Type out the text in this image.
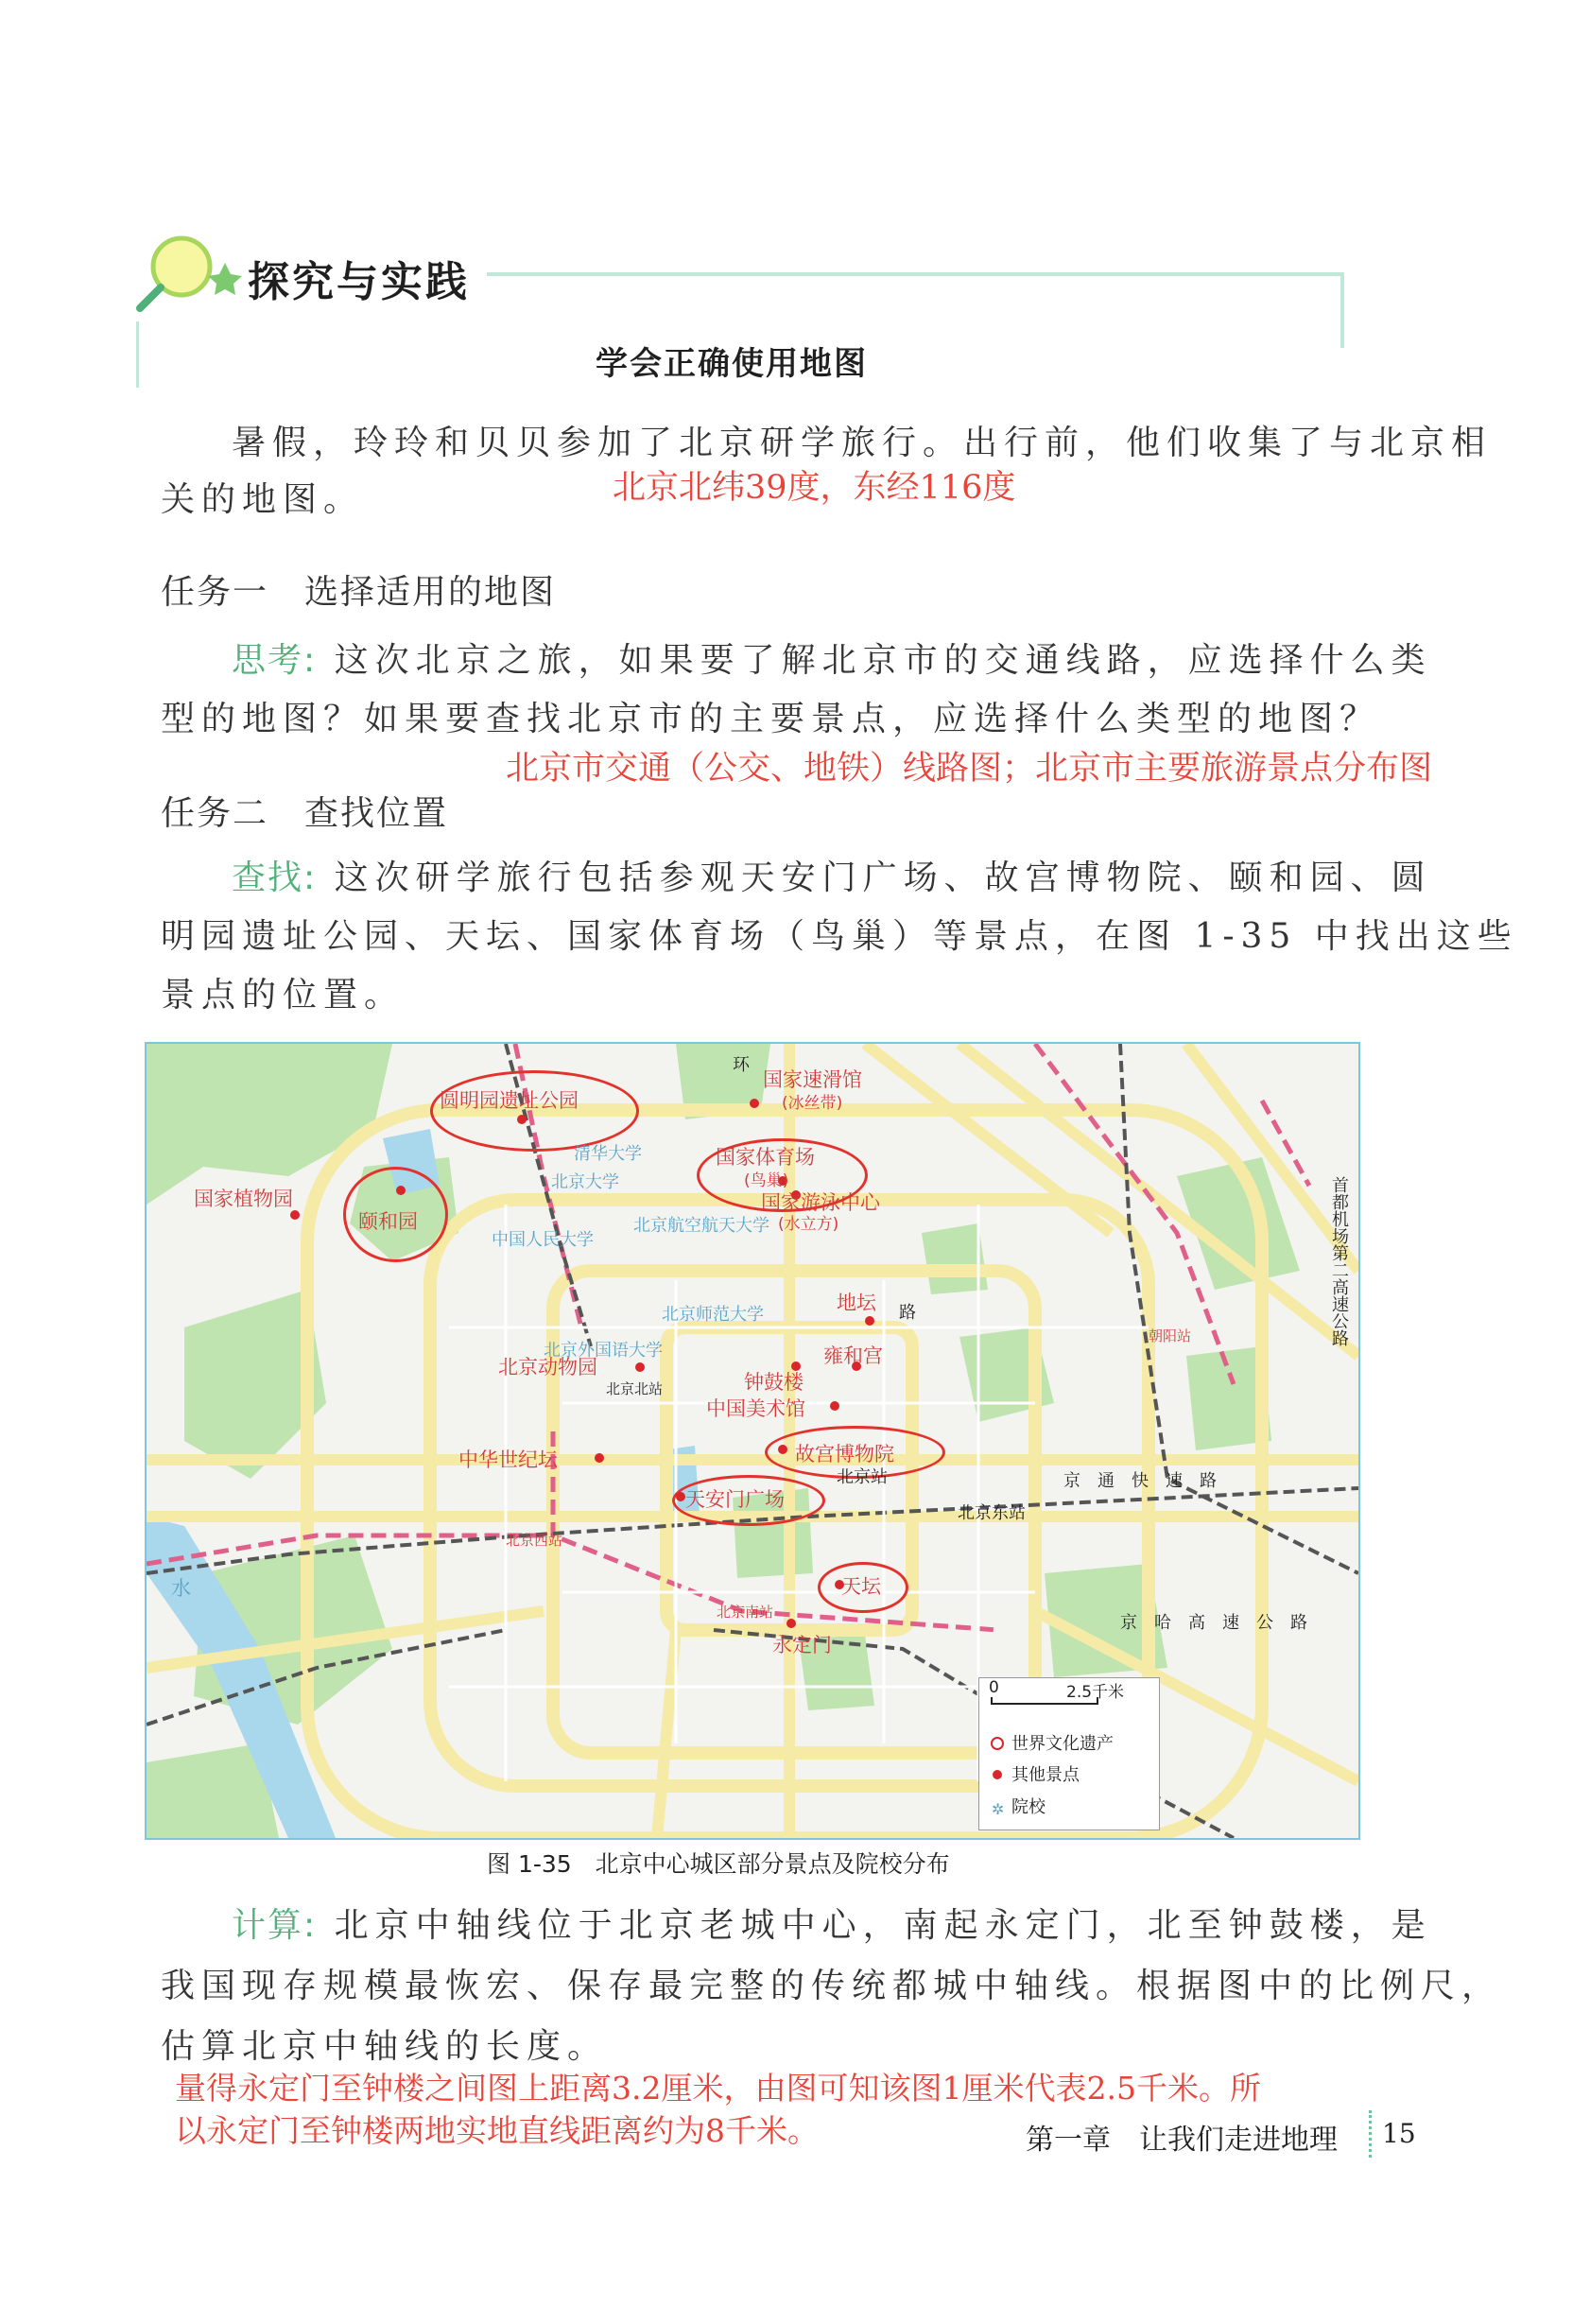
探究与实践
学会正确使用地图
暑假，玲玲和贝贝参加了北京研学旅行。出行前，他们收集了与北京相
关的地图。	北京北纬39度，东经116度
任务一　选择适用的地图
思考: 这次北京之旅，如果要了解北京市的交通线路，应选择什么类
型的地图？如果要查找北京市的主要景点，应选择什么类型的地图？
北京市交通（公交、地铁）线路图；北京市主要旅游景点分布图
任务二　查找位置
查找: 这次研学旅行包括参观天安门广场、故宫博物院、颐和园、圆
明园遗址公园、天坛、国家体育场（鸟巢）等景点，在图 1-35 中找出这些
景点的位置。
圆明园遗址公园
国家速滑馆
(冰丝带)
清华大学	国家体育场
(鸟巢)
国家游泳中心
(水立方)
国家植物园
颐和园
北京大学
中国人民大学
北京航空航天大学
北京师范大学
地坛
北京外国语大学
北京动物园
北京北站	钟鼓楼
雍和宫
中国美术馆
故宫博物院
中华世纪坛
天安门广场
北京站
北京东站
北京西站
天坛
北京南站
永定门
朝阳站
京　通　快　速　路
京　哈　高　速　公　路
首都机场第二高速公路
环
路
水
0	2.5千米
世界文化遗产
其他景点
✲ 院校
图 1-35　北京中心城区部分景点及院校分布
计算: 北京中轴线位于北京老城中心，南起永定门，北至钟鼓楼，是
我国现存规模最恢宏、保存最完整的传统都城中轴线。根据图中的比例尺，
估算北京中轴线的长度。
量得永定门至钟楼之间图上距离3.2厘米，由图可知该图1厘米代表2.5千米。所
以永定门至钟楼两地实地直线距离约为8千米。	第一章　让我们走进地理 15
